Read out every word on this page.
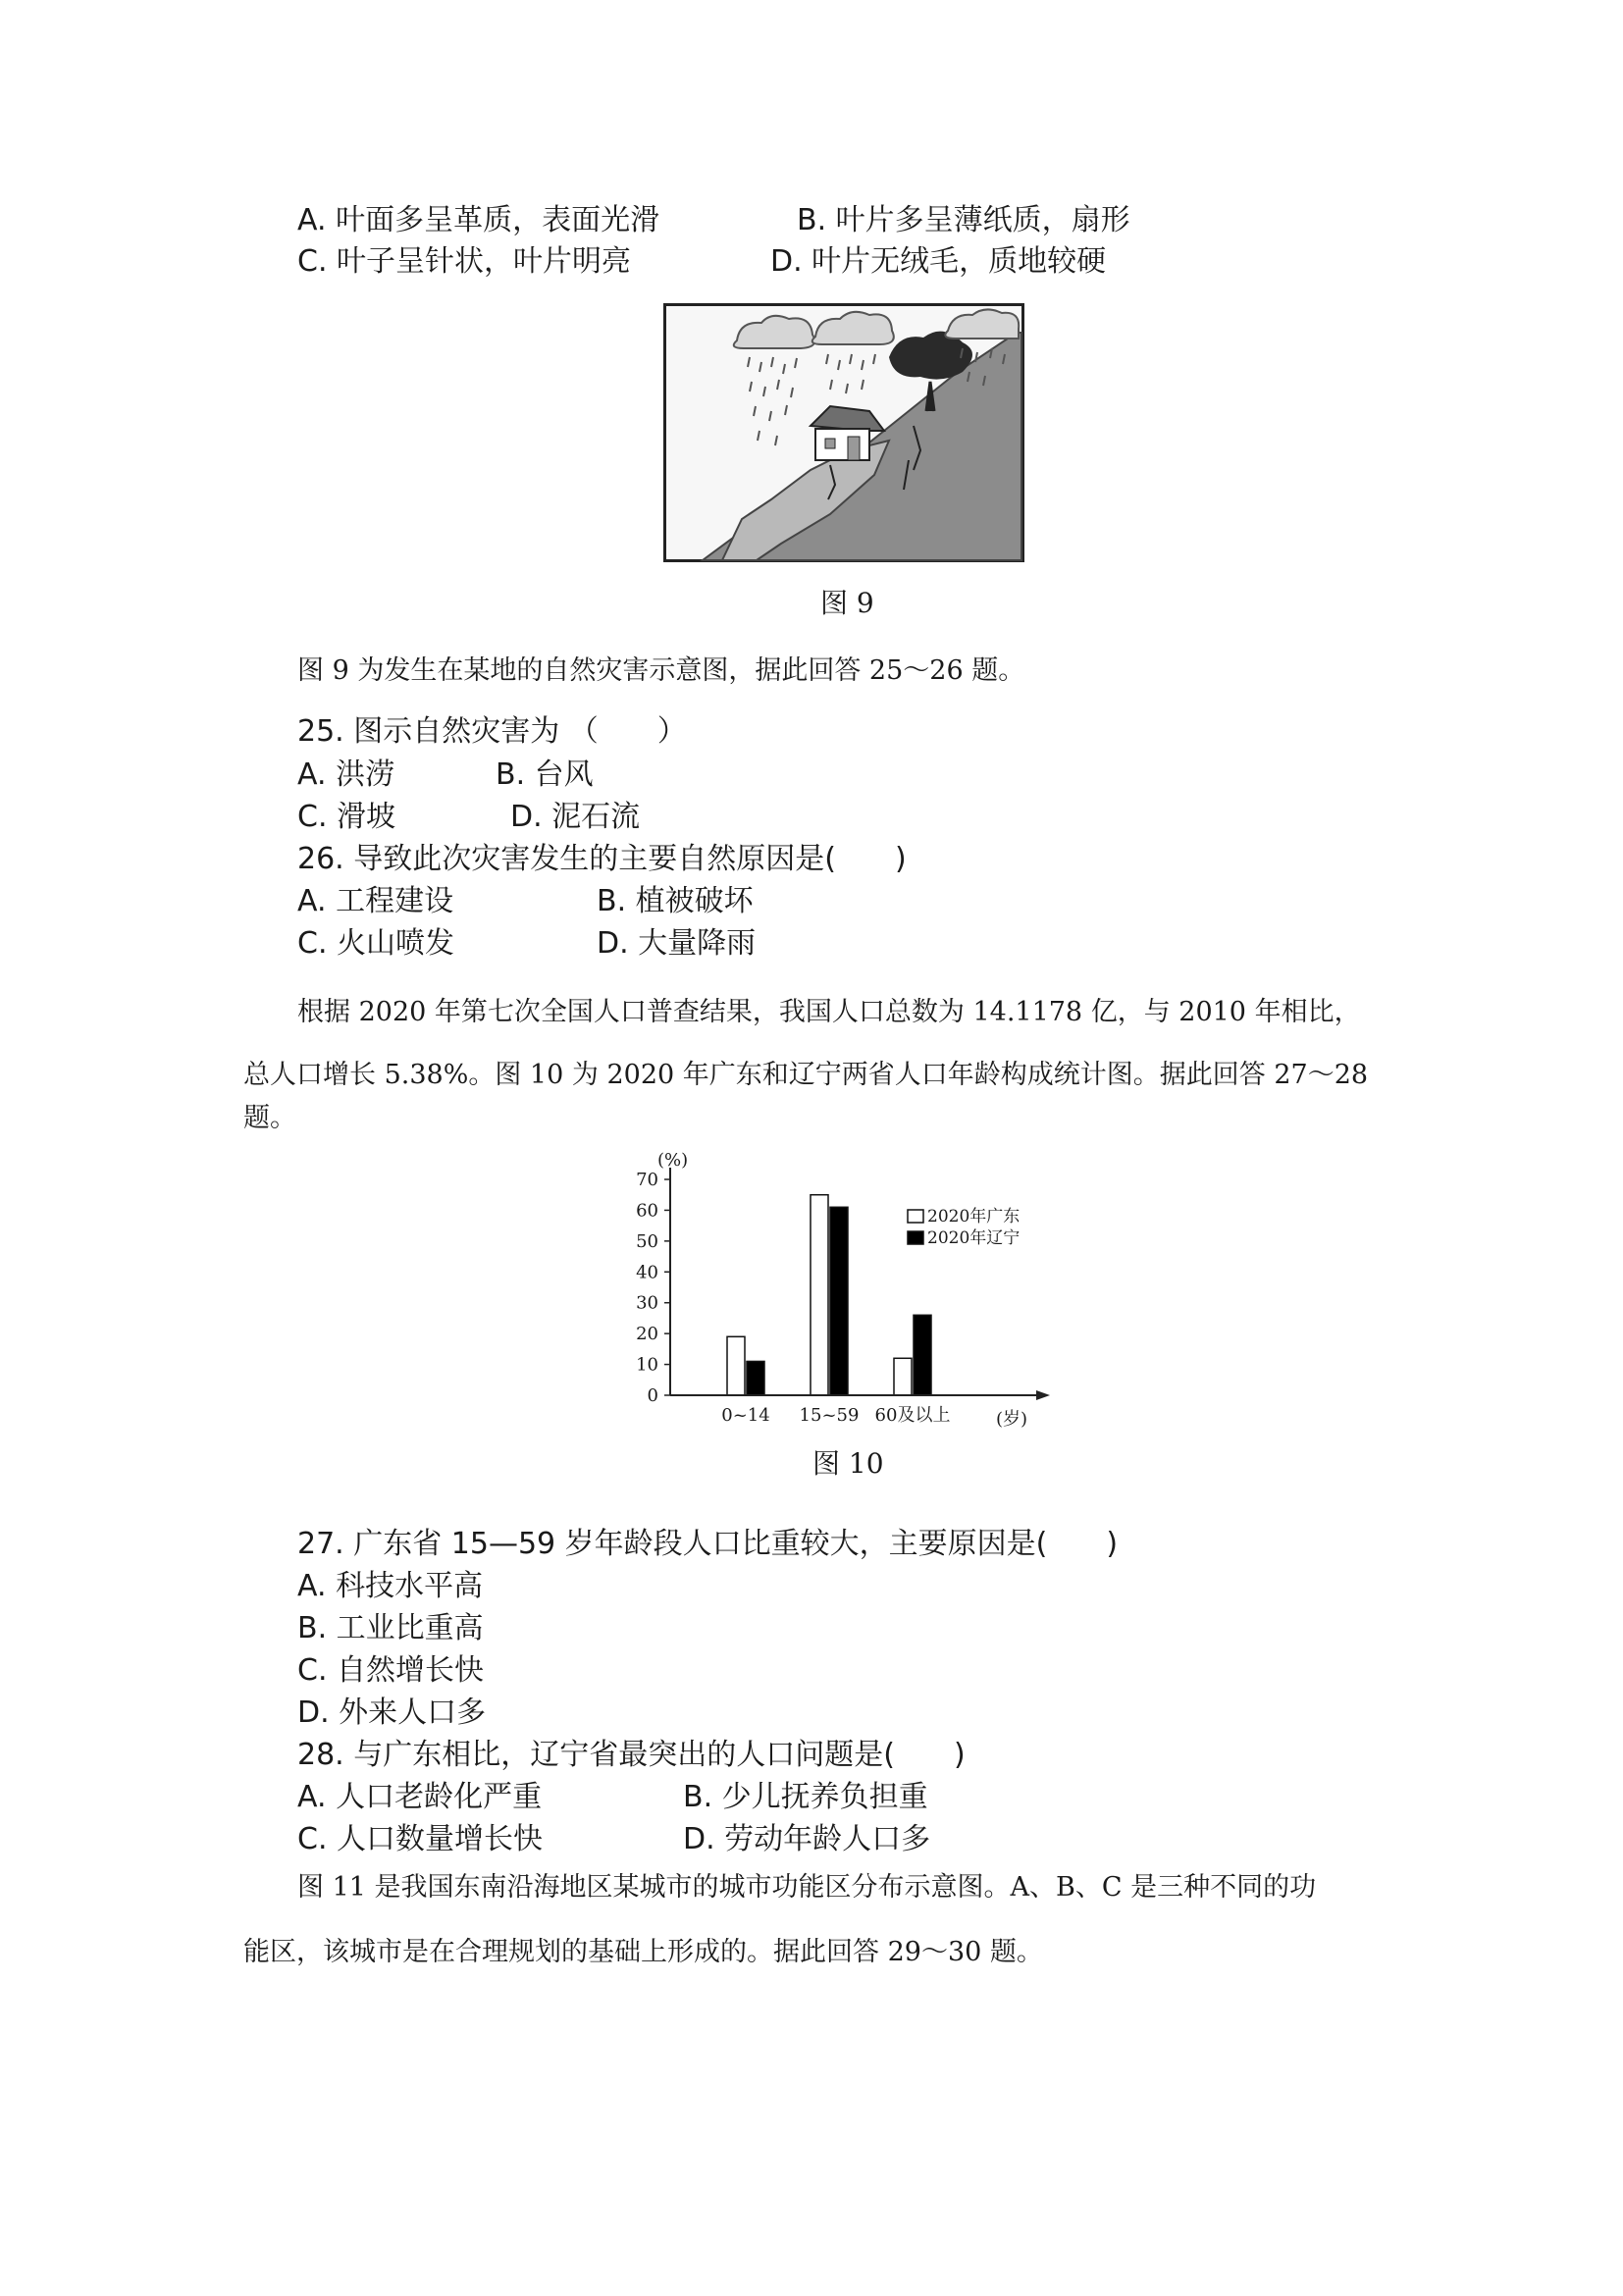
A. 叶面多呈革质，表面光滑	B. 叶片多呈薄纸质，扇形
C. 叶子呈针状，叶片明亮	D. 叶片无绒毛，质地较硬
图 9
图 9 为发生在某地的自然灾害示意图，据此回答 25～26 题。
25. 图示自然灾害为 （　　）
A. 洪涝	B. 台风
C. 滑坡	D. 泥石流
26. 导致此次灾害发生的主要自然原因是(　　)
A. 工程建设	B. 植被破坏
C. 火山喷发	D. 大量降雨
根据 2020 年第七次全国人口普查结果，我国人口总数为 14.1178 亿，与 2010 年相比，
总人口增长 5.38%。图 10 为 2020 年广东和辽宁两省人口年龄构成统计图。据此回答 27～28
题。
(%)
(岁)
0
10
20
30
40
50
60
70
0~14 15~59 60及以上
2020年广东
2020年辽宁
图 10
27. 广东省 15—59 岁年龄段人口比重较大，主要原因是(　　)
A. 科技水平高
B. 工业比重高
C. 自然增长快
D. 外来人口多
28. 与广东相比，辽宁省最突出的人口问题是(　　)
A. 人口老龄化严重	B. 少儿抚养负担重
C. 人口数量增长快	D. 劳动年龄人口多
图 11 是我国东南沿海地区某城市的城市功能区分布示意图。A、B、C 是三种不同的功
能区，该城市是在合理规划的基础上形成的。据此回答 29～30 题。
